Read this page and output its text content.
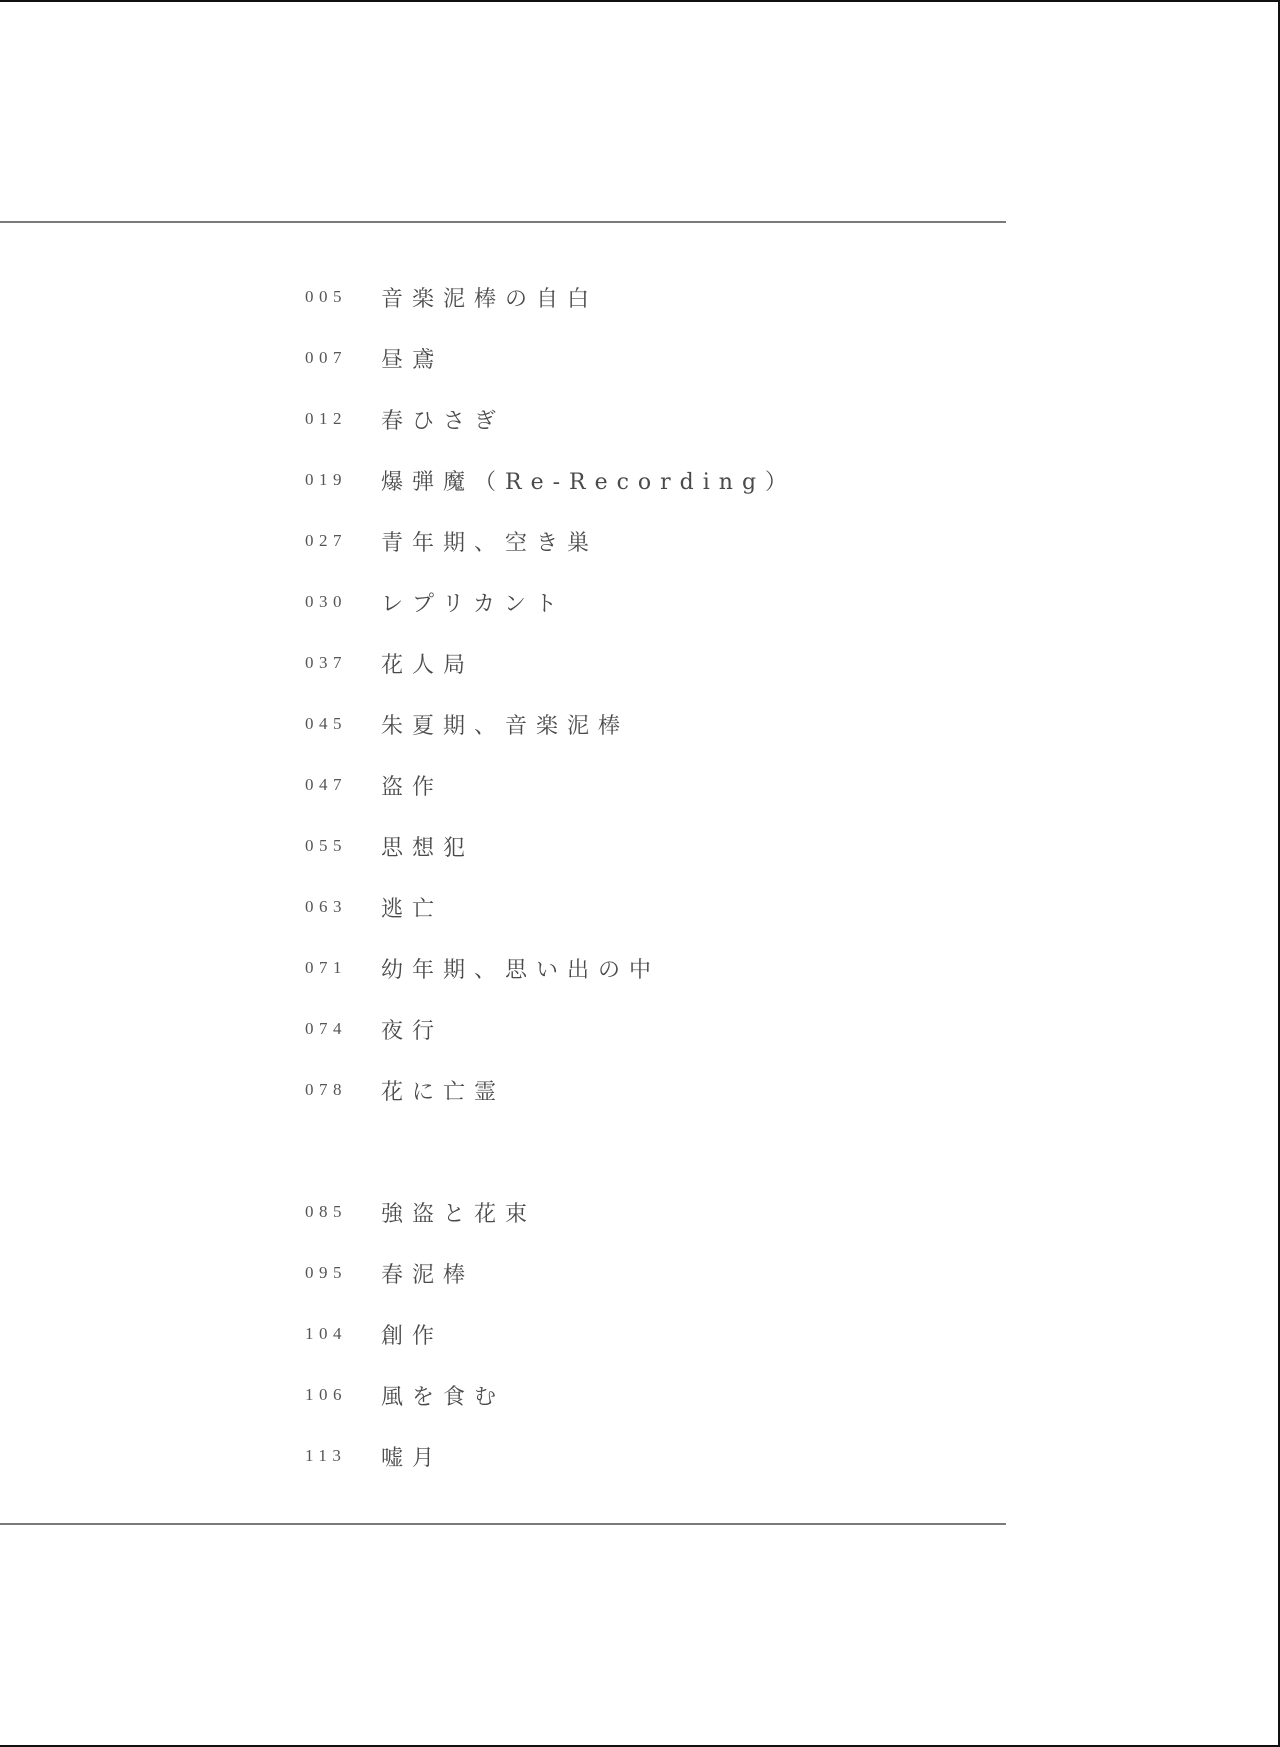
005	音楽泥棒の自白
007	昼鳶
012	春ひさぎ
019	爆弾魔（Re-Recording）
027	青年期、空き巣
030	レプリカント
037	花人局
045	朱夏期、音楽泥棒
047	盗作
055	思想犯
063	逃亡
071	幼年期、思い出の中
074	夜行
078	花に亡霊
085	強盗と花束
095	春泥棒
104	創作
106	風を食む
113	嘘月
